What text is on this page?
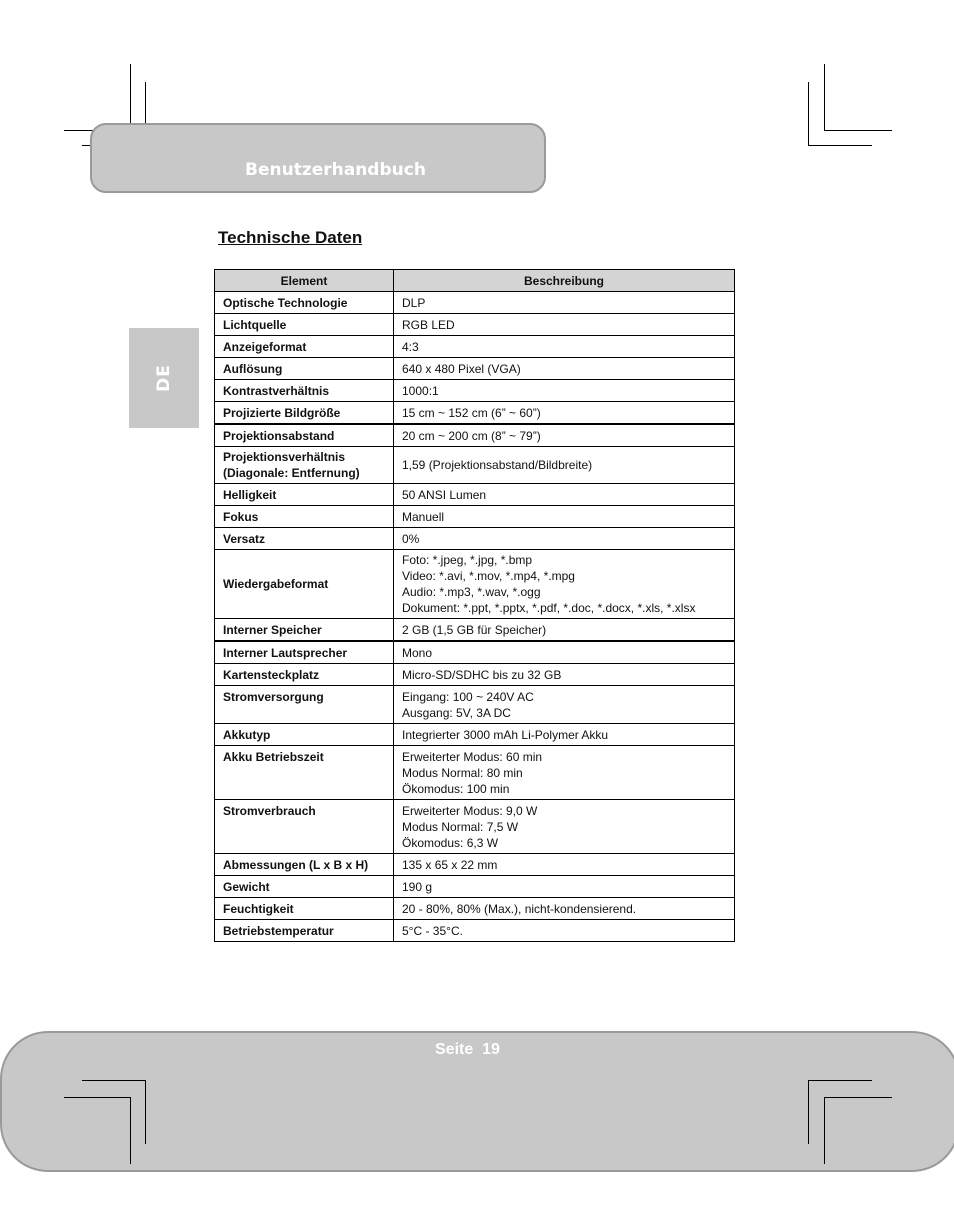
Benutzerhandbuch
DE
Technische Daten
Element	Beschreibung
Optische Technologie	DLP

Lichtquelle	RGB LED

Anzeigeformat	4:3

Auflösung	640 x 480 Pixel (VGA)

Kontrastverhältnis	1000:1

Projizierte Bildgröße	15 cm ~ 152 cm (6” ~ 60”)

Projektionsabstand	20 cm ~ 200 cm (8” ~ 79”)

Projektionsverhältnis (Diagonale: Entfernung)	1,59 (Projektionsabstand/Bildbreite)

Helligkeit	50 ANSI Lumen

Fokus	Manuell

Versatz	0%

Wiedergabeformat	Foto: *.jpeg, *.jpg, *.bmp
Video: *.avi, *.mov, *.mp4, *.mpg
Audio: *.mp3, *.wav, *.ogg
Dokument: *.ppt, *.pptx, *.pdf, *.doc, *.docx, *.xls, *.xlsx

Interner Speicher	2 GB (1,5 GB für Speicher)

Interner Lautsprecher	Mono

Kartensteckplatz	Micro-SD/SDHC bis zu 32 GB

Stromversorgung	Eingang: 100 ~ 240V AC
Ausgang: 5V, 3A DC

Akkutyp	Integrierter 3000 mAh Li-Polymer Akku

Akku Betriebszeit	Erweiterter Modus: 60 min
Modus Normal: 80 min
Ökomodus: 100 min

Stromverbrauch	Erweiterter Modus: 9,0 W
Modus Normal: 7,5 W
Ökomodus: 6,3 W

Abmessungen (L x B x H)	135 x 65 x 22 mm

Gewicht	190 g

Feuchtigkeit	20 - 80%, 80% (Max.), nicht-kondensierend.

Betriebstemperatur	5°C - 35°C.
Seite  19
